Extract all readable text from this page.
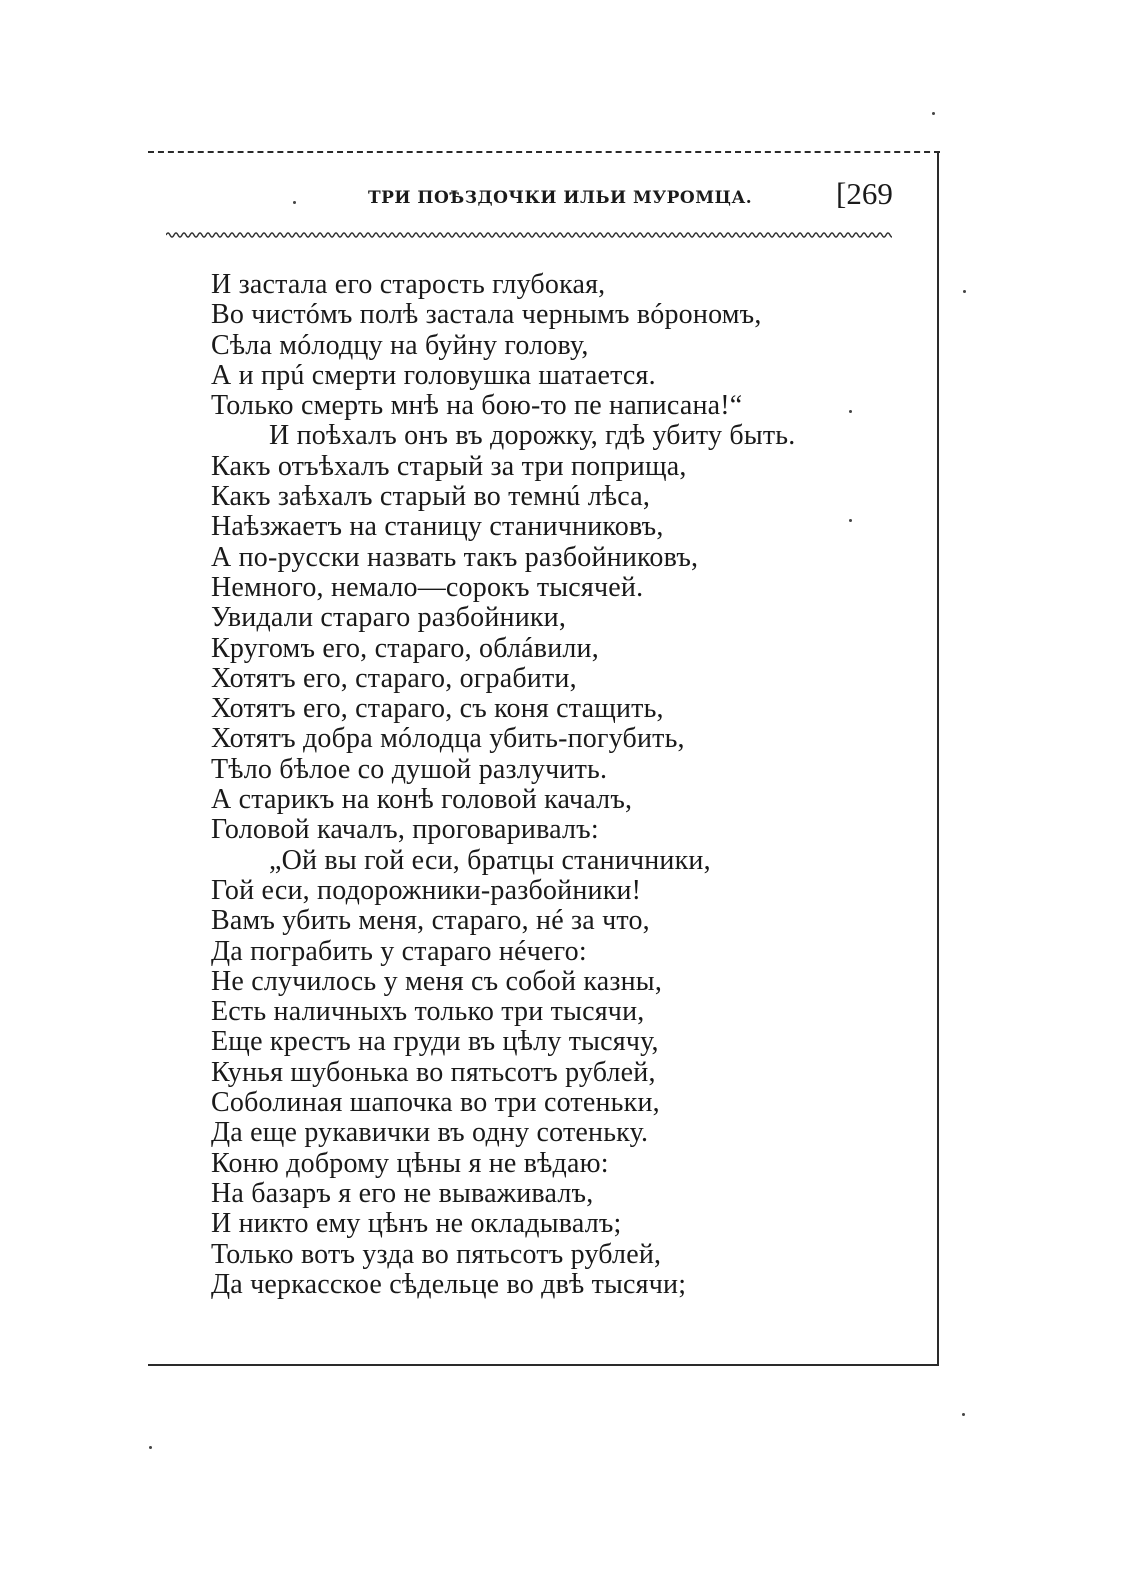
ТРИ ПОѢЗДОЧКИ ИЛЬИ МУРОМЦА.	[269
И застала его старость глубокая,
Во чистóмъ полѣ застала чернымъ вóрономъ,
Сѣла мóлодцу на буйну голову,
А и прú смерти головушка шатается.
Только смерть мнѣ на бою-то пе написана!“
И поѣхалъ онъ въ дорожку, гдѣ убиту быть.
Какъ отъѣхалъ старый за три поприща,
Какъ заѣхалъ старый во темнú лѣса,
Наѣзжаетъ на станицу станичниковъ,
А по-русски назвать такъ разбойниковъ,
Немного, немало—сорокъ тысячей.
Увидали стараго разбойники,
Кругомъ его, стараго, облáвили,
Хотятъ его, стараго, ограбити,
Хотятъ его, стараго, съ коня стащить,
Хотятъ добра мóлодца убить-погубить,
Тѣло бѣлое со душой разлучить.
А старикъ на конѣ головой качалъ,
Головой качалъ, проговаривалъ:
„Ой вы гой еси, братцы станичники,
Гой еси, подорожники-разбойники!
Вамъ убить меня, стараго, нé за что,
Да пограбить у стараго нéчего:
Не случилось у меня съ собой казны,
Есть наличныхъ только три тысячи,
Еще крестъ на груди въ цѣлу тысячу,
Кунья шубонька во пятьсотъ рублей,
Соболиная шапочка во три сотеньки,
Да еще рукавички въ одну сотеньку.
Коню доброму цѣны я не вѣдаю:
На базаръ я его не вываживалъ,
И никто ему цѣнъ не окладывалъ;
Только вотъ узда во пятьсотъ рублей,
Да черкасское сѣдельце во двѣ тысячи;
